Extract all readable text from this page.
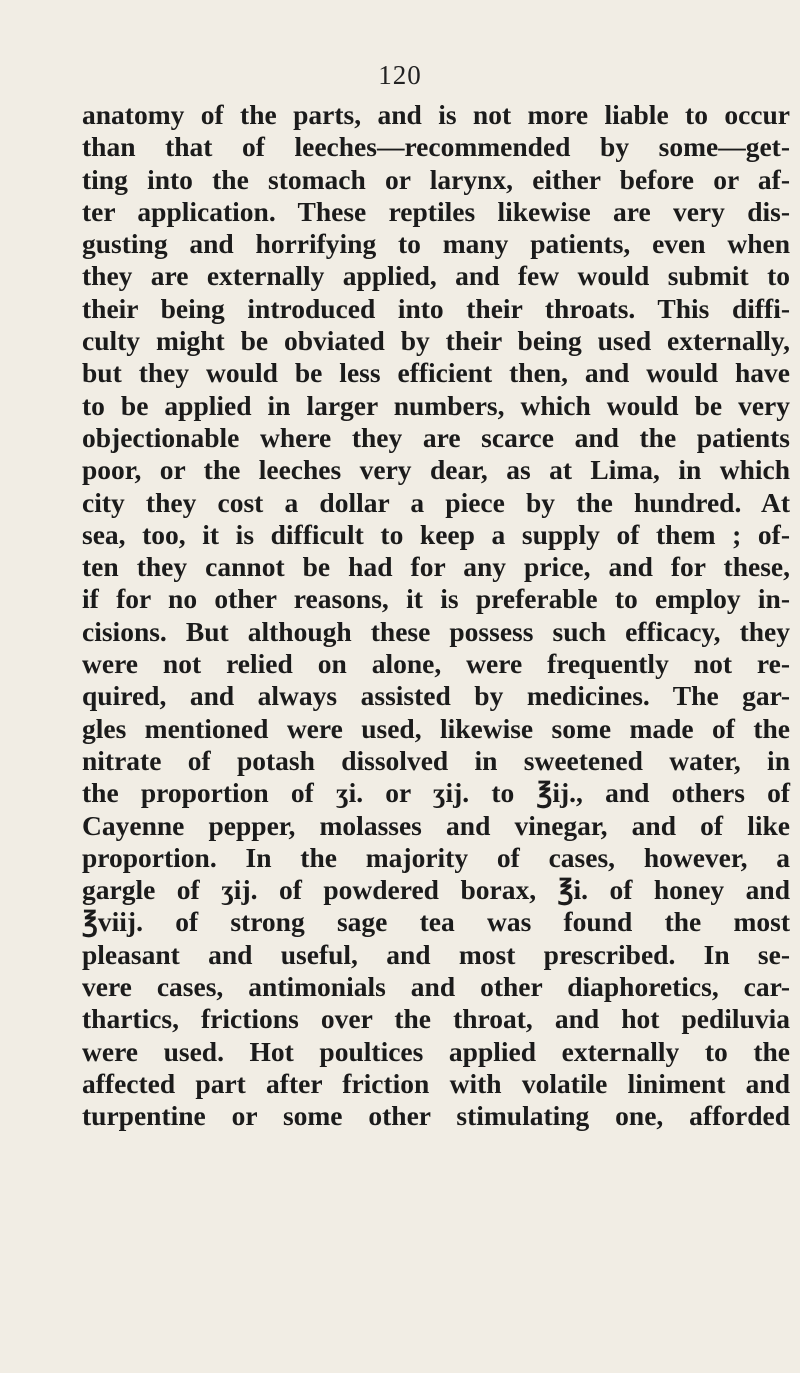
120
anatomy of the parts, and is not more liable to occur
than that of leeches—recommended by some—get-
ting into the stomach or larynx, either before or af-
ter application. These reptiles likewise are very dis-
gusting and horrifying to many patients, even when
they are externally applied, and few would submit to
their being introduced into their throats. This diffi-
culty might be obviated by their being used externally,
but they would be less efficient then, and would have
to be applied in larger numbers, which would be very
objectionable where they are scarce and the patients
poor, or the leeches very dear, as at Lima, in which
city they cost a dollar a piece by the hundred. At
sea, too, it is difficult to keep a supply of them ; of-
ten they cannot be had for any price, and for these,
if for no other reasons, it is preferable to employ in-
cisions. But although these possess such efficacy, they
were not relied on alone, were frequently not re-
quired, and always assisted by medicines. The gar-
gles mentioned were used, likewise some made of the
nitrate of potash dissolved in sweetened water, in
the proportion of ʒi. or ʒij. to ℥ij., and others of
Cayenne pepper, molasses and vinegar, and of like
proportion. In the majority of cases, however, a
gargle of ʒij. of powdered borax, ℥i. of honey and
℥viij. of strong sage tea was found the most
pleasant and useful, and most prescribed. In se-
vere cases, antimonials and other diaphoretics, car-
thartics, frictions over the throat, and hot pediluvia
were used. Hot poultices applied externally to the
affected part after friction with volatile liniment and
turpentine or some other stimulating one, afforded
